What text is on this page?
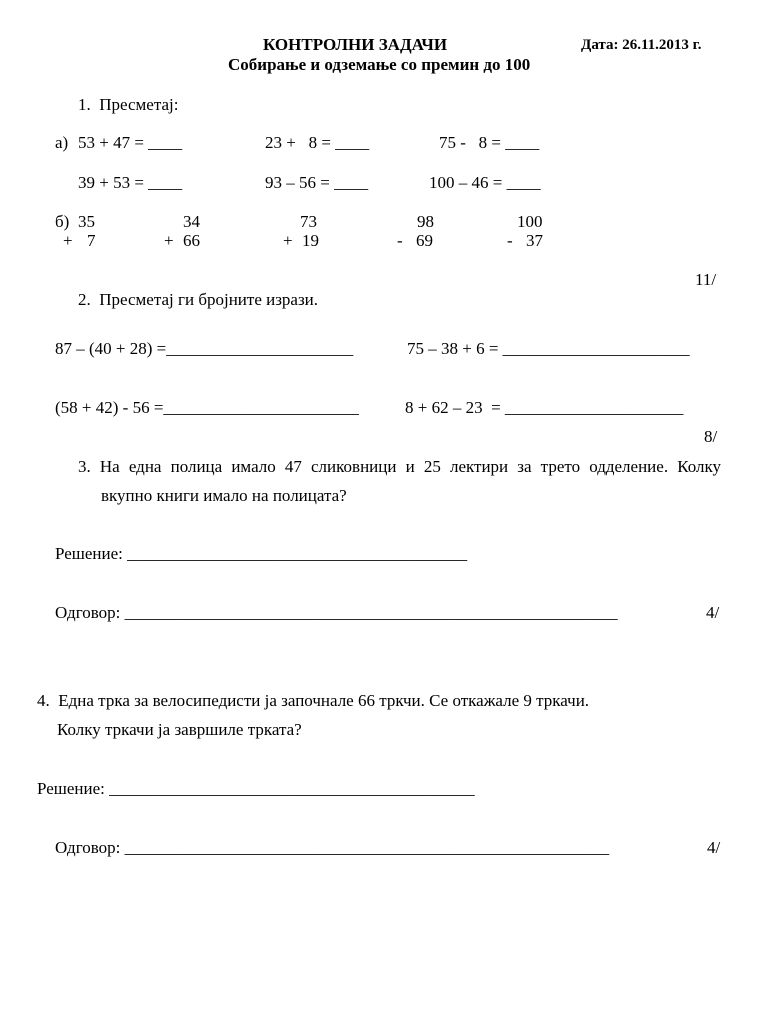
КОНТРОЛНИ ЗАДАЧИ	Дата: 26.11.2013 г.
Собирање и одземање со премин до 100
1.  Пресметај:
а) 53 + 47 = ____	23 +   8 = ____	75 -   8 = ____
39 + 53 = ____	93 – 56 = ____	100 – 46 = ____
б) 35
+ 7
34
+ 66
73
+ 19
98
- 69
100
- 37
11/
2.  Пресметај ги бројните изрази.
87 – (40 + 28) =______________________	75 – 38 + 6 = ______________________
(58 + 42) - 56 =_______________________	8 + 62 – 23  = _____________________
8/
3. На една полица имало 47 сликовници и 25 лектири за трето одделение. Колку
вкупно книги имало на полицата?
Решение: ________________________________________
Одговор: __________________________________________________________	4/
4.  Една трка за велосипедисти ја започнале 66 тркчи. Се откажале 9 тркачи.
Колку тркачи ја завршиле трката?
Решение: ___________________________________________
Одговор: _________________________________________________________	4/
